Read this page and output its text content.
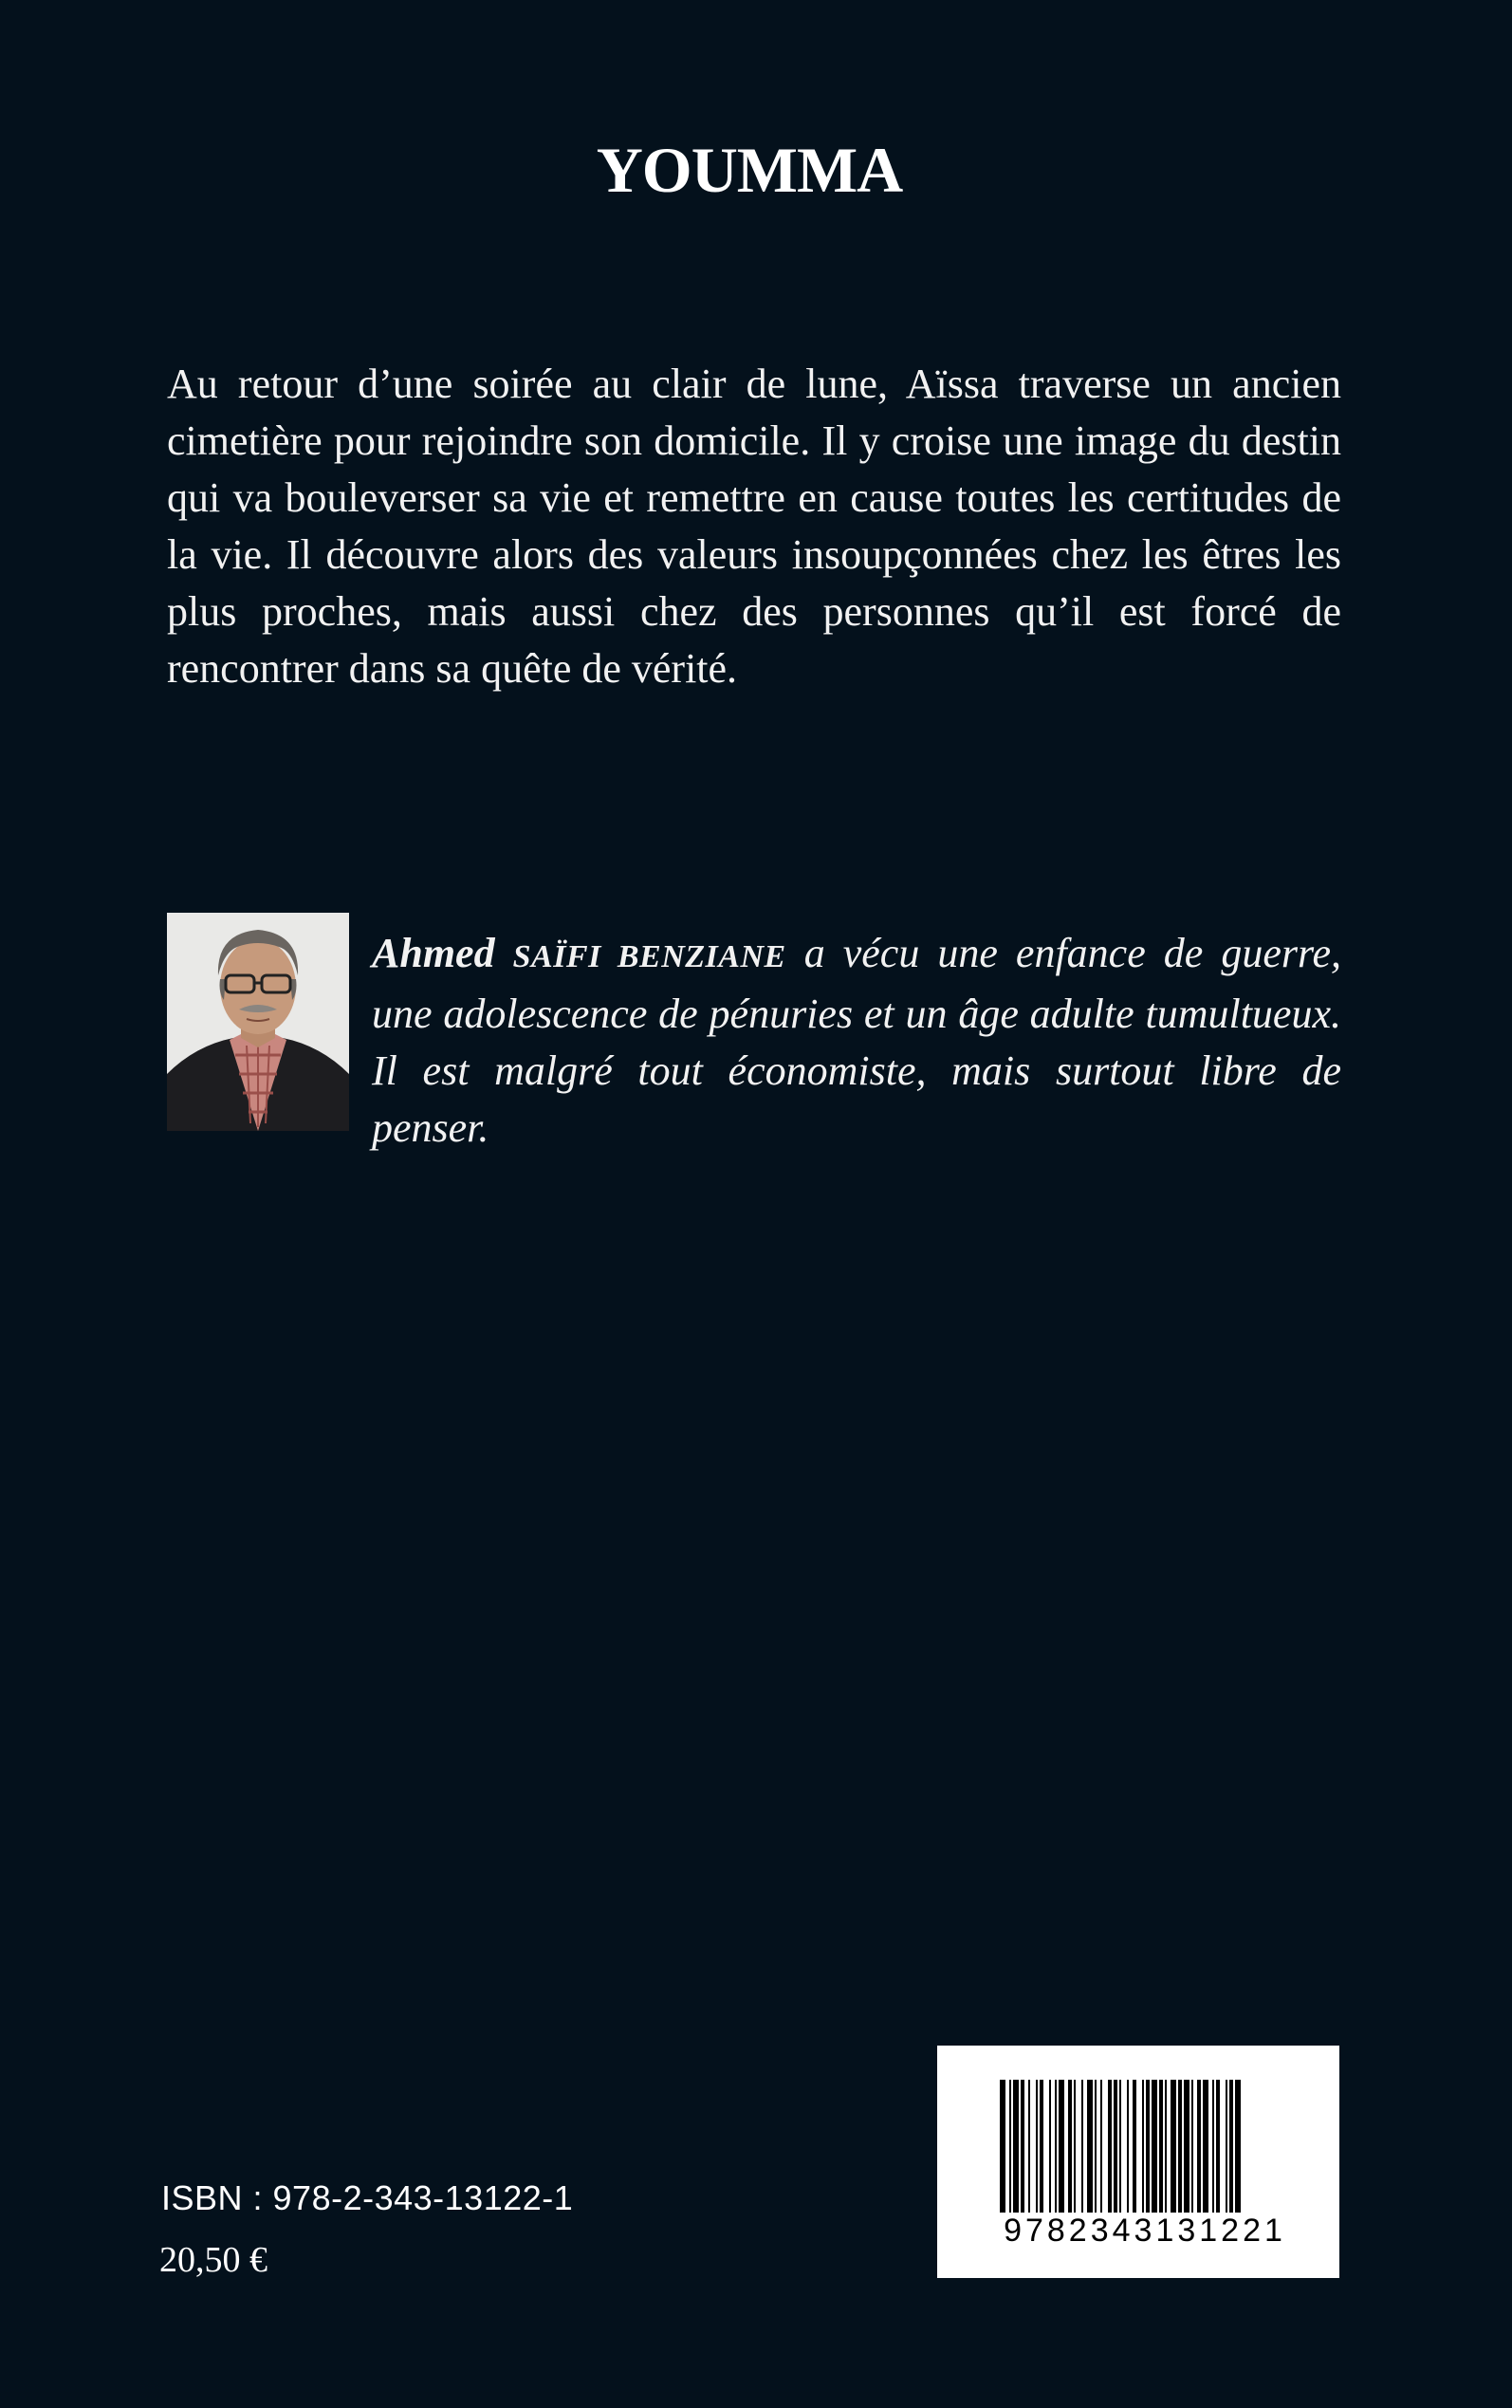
YOUMMA

Au retour d’une soirée au clair de lune, Aïssa traverse un ancien cimetière pour rejoindre son domicile. Il y croise une image du destin qui va bouleverser sa vie et remettre en cause toutes les certitudes de la vie. Il découvre alors des valeurs insoupçonnées chez les êtres les plus proches, mais aussi chez des personnes qu’il est forcé de rencontrer dans sa quête de vérité.

Ahmed SAÏFI BENZIANE a vécu une enfance de guerre, une adolescence de pénuries et un âge adulte tumultueux. Il est malgré tout économiste, mais surtout libre de penser.

ISBN : 978-2-343-13122-1
20,50 €
9782343131221
